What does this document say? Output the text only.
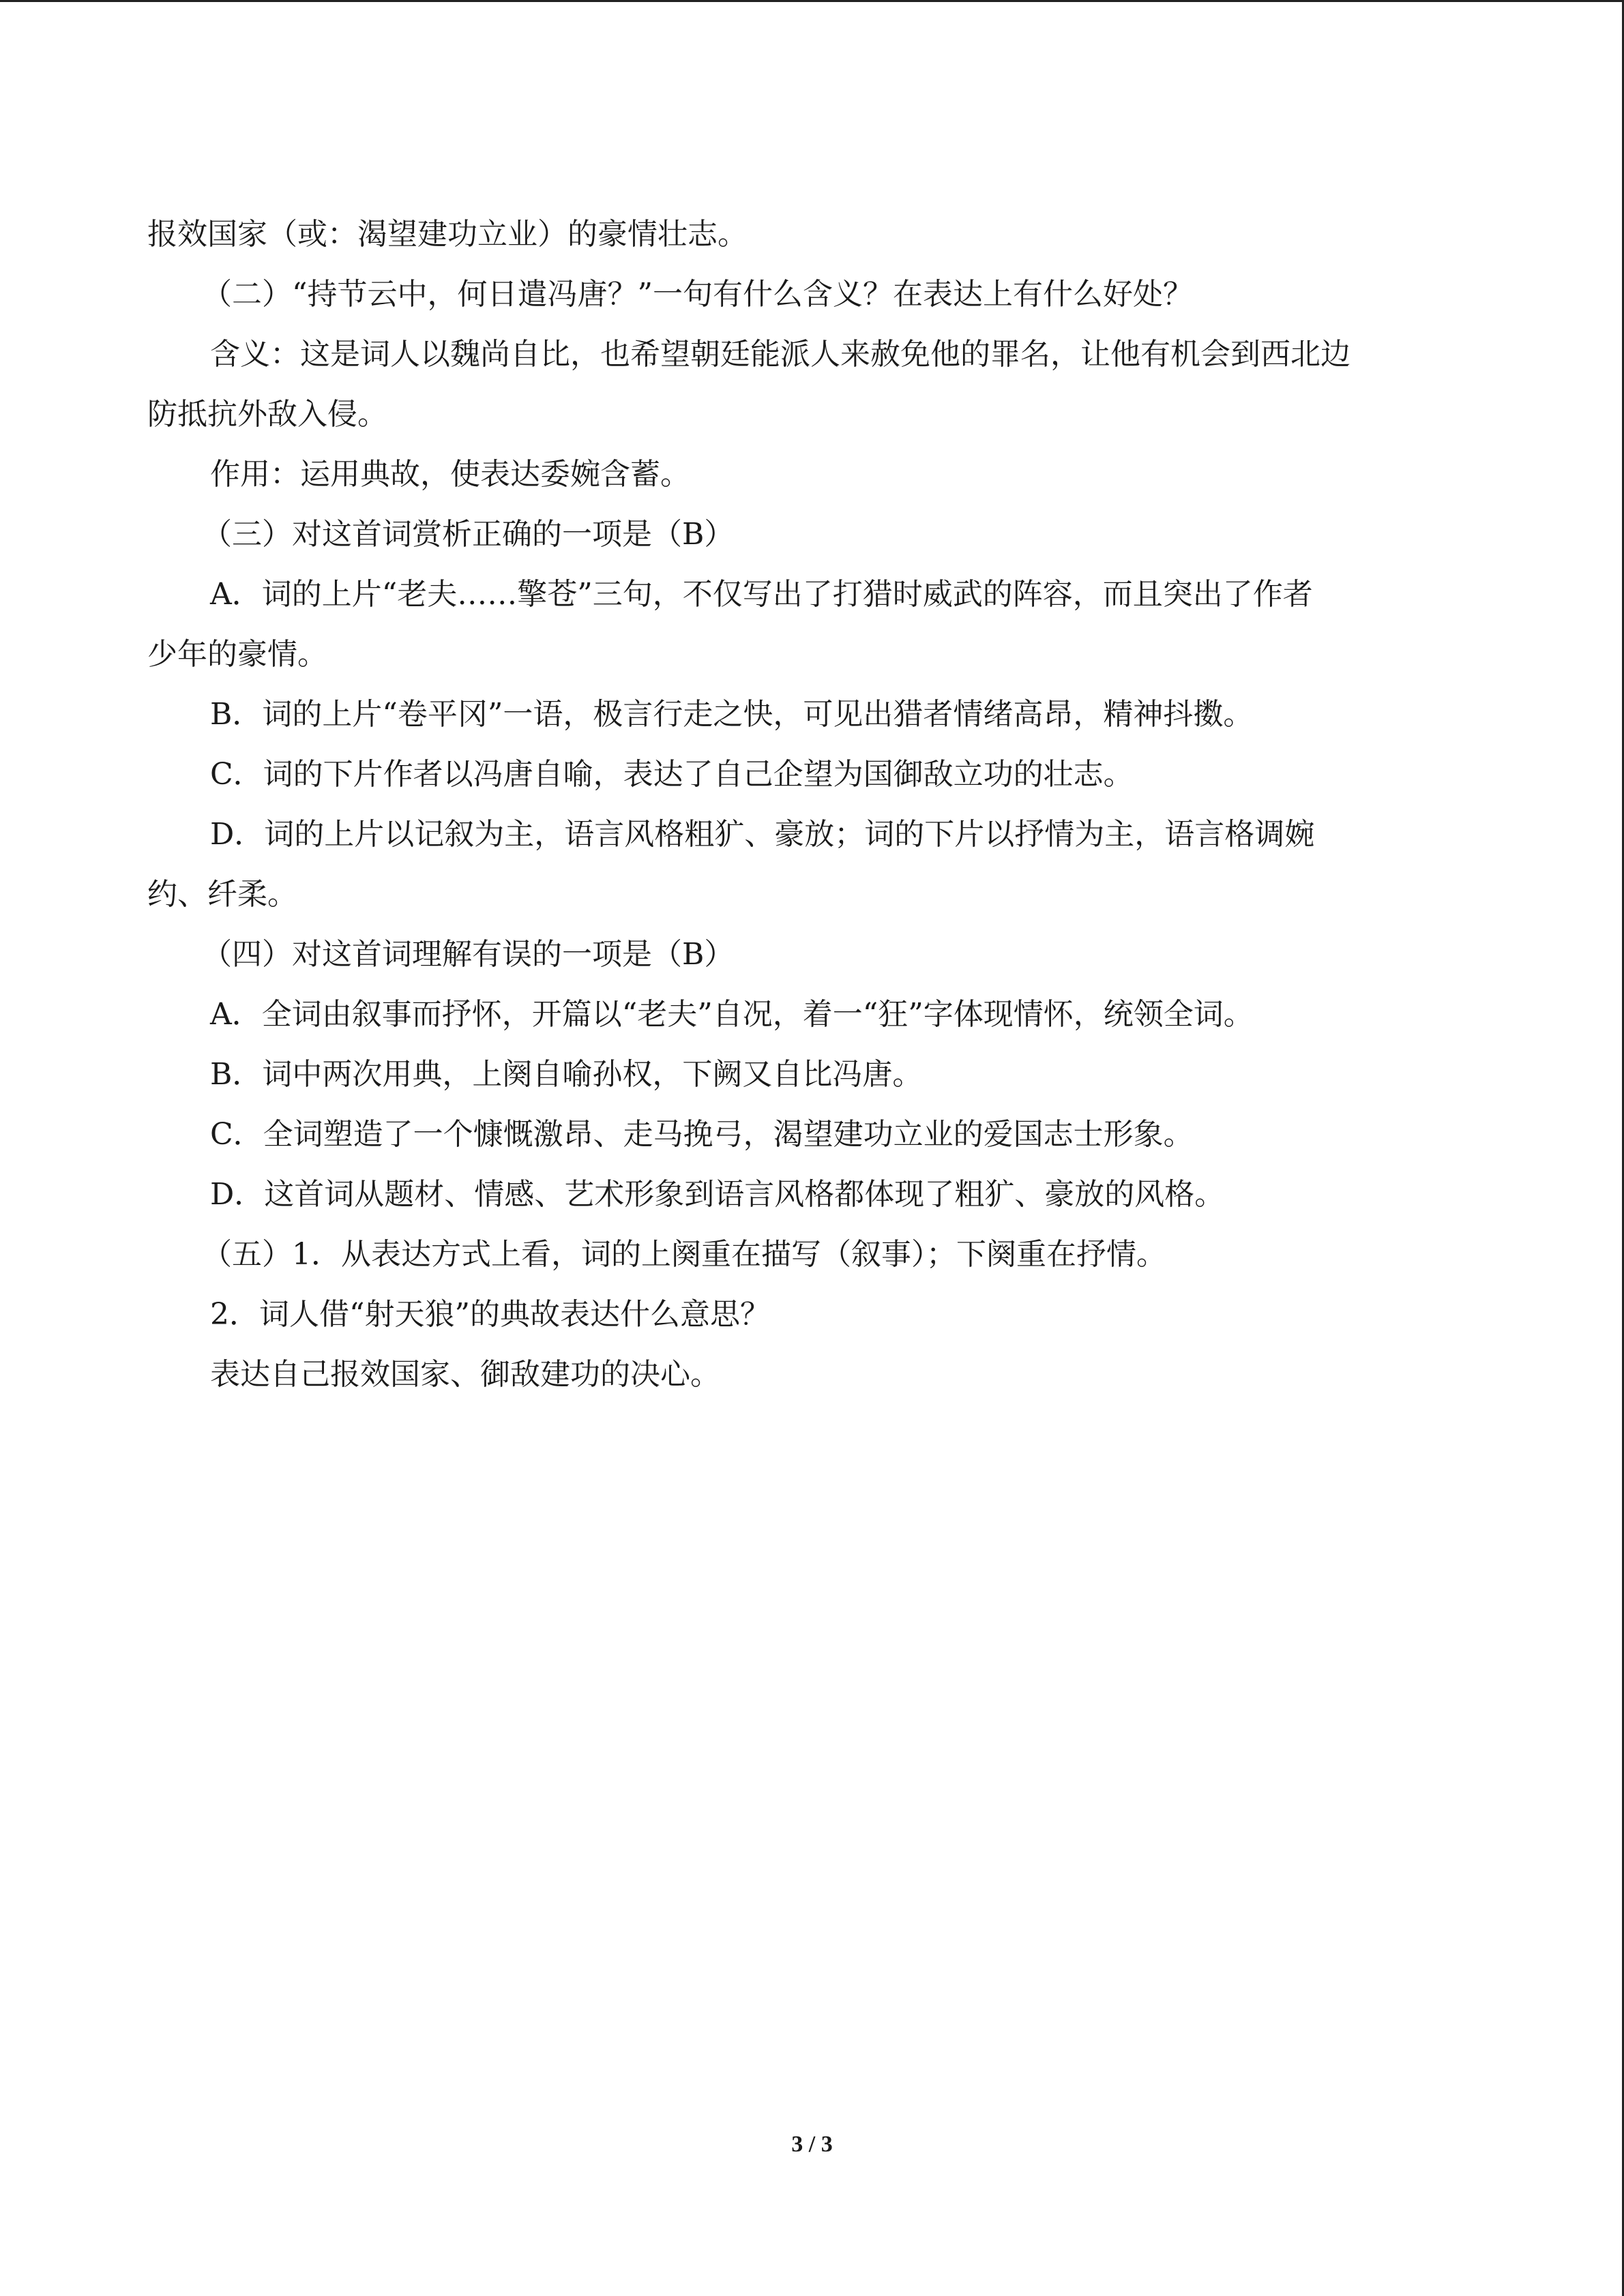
报效国家（或：渴望建功立业）的豪情壮志。
（二）“持节云中，何日遣冯唐？”一句有什么含义？在表达上有什么好处？
含义：这是词人以魏尚自比，也希望朝廷能派人来赦免他的罪名，让他有机会到西北边
防抵抗外敌入侵。
作用：运用典故，使表达委婉含蓄。
（三）对这首词赏析正确的一项是（B）
A．词的上片“老夫……擎苍”三句，不仅写出了打猎时威武的阵容，而且突出了作者
少年的豪情。
B．词的上片“卷平冈”一语，极言行走之快，可见出猎者情绪高昂，精神抖擞。
C．词的下片作者以冯唐自喻，表达了自己企望为国御敌立功的壮志。
D．词的上片以记叙为主，语言风格粗犷、豪放；词的下片以抒情为主，语言格调婉
约、纤柔。
（四）对这首词理解有误的一项是（B）
A．全词由叙事而抒怀，开篇以“老夫”自况，着一“狂”字体现情怀，统领全词。
B．词中两次用典，上阕自喻孙权，下阙又自比冯唐。
C．全词塑造了一个慷慨激昂、走马挽弓，渴望建功立业的爱国志士形象。
D．这首词从题材、情感、艺术形象到语言风格都体现了粗犷、豪放的风格。
（五）1．从表达方式上看，词的上阕重在描写（叙事）；下阕重在抒情。
2．词人借“射天狼”的典故表达什么意思？
表达自己报效国家、御敌建功的决心。
3 / 3
